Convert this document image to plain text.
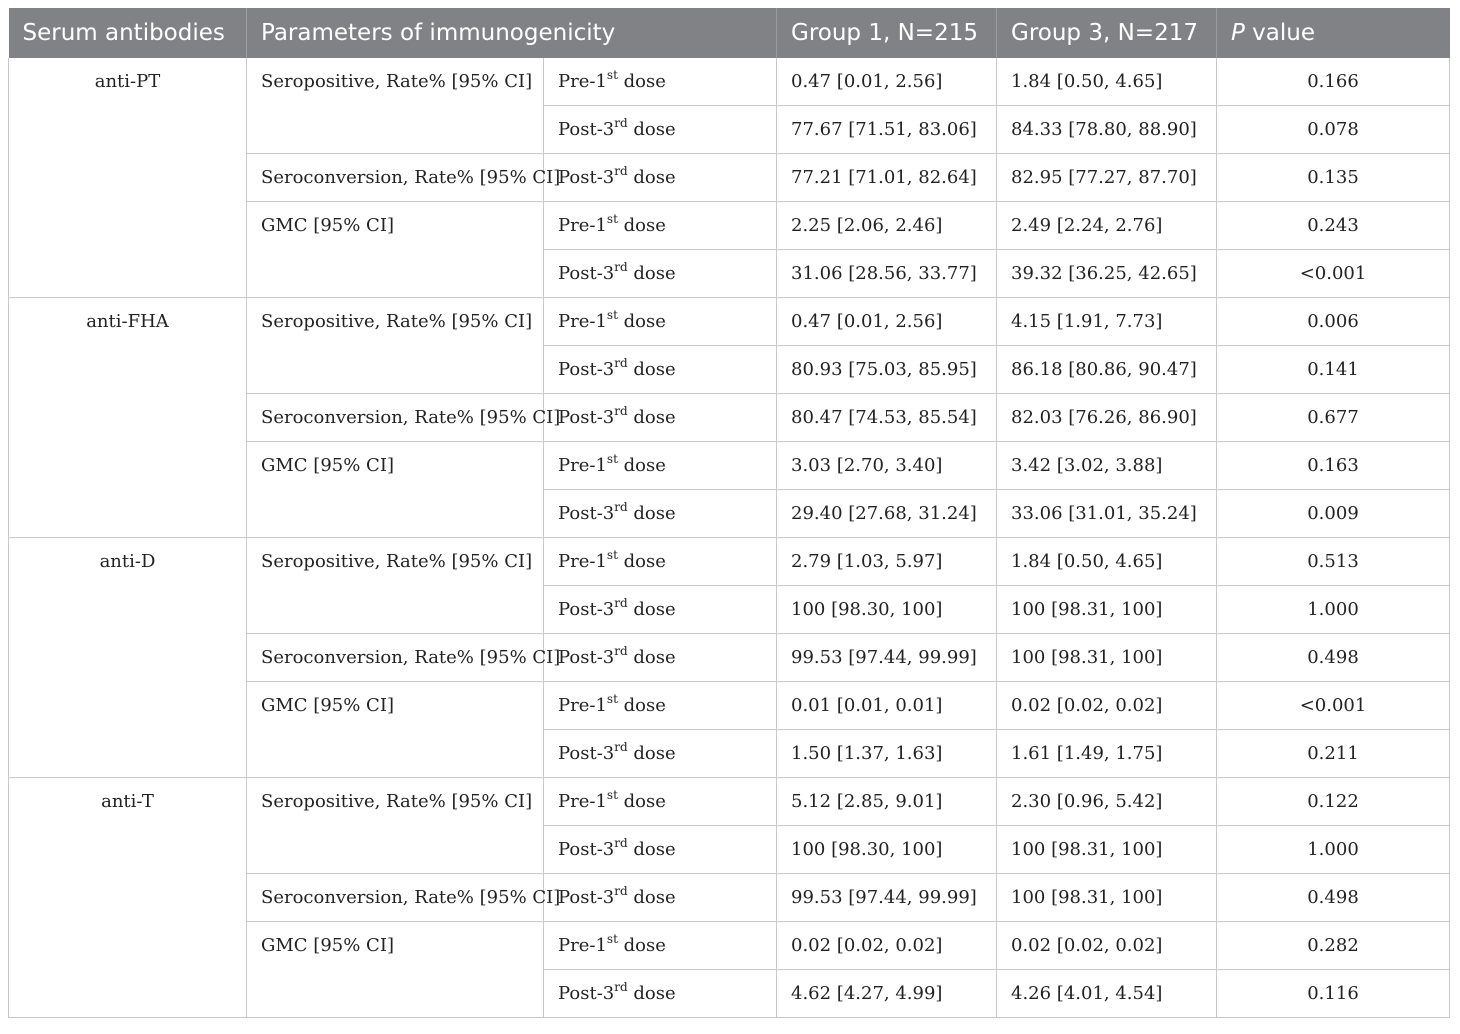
Serum antibodies	Parameters of immunogenicity		Group 1, N=215	Group 3, N=217	P value
anti-PT	Seropositive, Rate% [95% CI]	Pre-1st dose	0.47 [0.01, 2.56]	1.84 [0.50, 4.65]	0.166
		Post-3rd dose	77.67 [71.51, 83.06]	84.33 [78.80, 88.90]	0.078
	Seroconversion, Rate% [95% CI]	Post-3rd dose	77.21 [71.01, 82.64]	82.95 [77.27, 87.70]	0.135
	GMC [95% CI]	Pre-1st dose	2.25 [2.06, 2.46]	2.49 [2.24, 2.76]	0.243
		Post-3rd dose	31.06 [28.56, 33.77]	39.32 [36.25, 42.65]	<0.001
anti-FHA	Seropositive, Rate% [95% CI]	Pre-1st dose	0.47 [0.01, 2.56]	4.15 [1.91, 7.73]	0.006
		Post-3rd dose	80.93 [75.03, 85.95]	86.18 [80.86, 90.47]	0.141
	Seroconversion, Rate% [95% CI]	Post-3rd dose	80.47 [74.53, 85.54]	82.03 [76.26, 86.90]	0.677
	GMC [95% CI]	Pre-1st dose	3.03 [2.70, 3.40]	3.42 [3.02, 3.88]	0.163
		Post-3rd dose	29.40 [27.68, 31.24]	33.06 [31.01, 35.24]	0.009
anti-D	Seropositive, Rate% [95% CI]	Pre-1st dose	2.79 [1.03, 5.97]	1.84 [0.50, 4.65]	0.513
		Post-3rd dose	100 [98.30, 100]	100 [98.31, 100]	1.000
	Seroconversion, Rate% [95% CI]	Post-3rd dose	99.53 [97.44, 99.99]	100 [98.31, 100]	0.498
	GMC [95% CI]	Pre-1st dose	0.01 [0.01, 0.01]	0.02 [0.02, 0.02]	<0.001
		Post-3rd dose	1.50 [1.37, 1.63]	1.61 [1.49, 1.75]	0.211
anti-T	Seropositive, Rate% [95% CI]	Pre-1st dose	5.12 [2.85, 9.01]	2.30 [0.96, 5.42]	0.122
		Post-3rd dose	100 [98.30, 100]	100 [98.31, 100]	1.000
	Seroconversion, Rate% [95% CI]	Post-3rd dose	99.53 [97.44, 99.99]	100 [98.31, 100]	0.498
	GMC [95% CI]	Pre-1st dose	0.02 [0.02, 0.02]	0.02 [0.02, 0.02]	0.282
		Post-3rd dose	4.62 [4.27, 4.99]	4.26 [4.01, 4.54]	0.116
